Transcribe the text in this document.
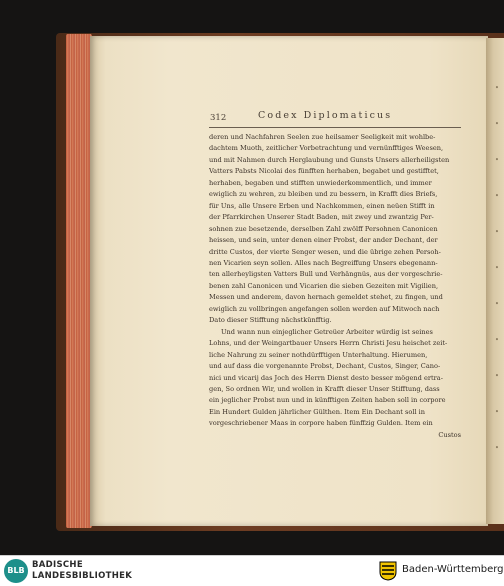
•
•
•
•
•
•
•
•
•
•
•
312	Codex Diplomaticus
deren und Nachfahren Seelen zue heilsamer Seeligkeit mit wohlbe-
dachtem Muoth, zeitlicher Vorbetrachtung und vernünfftiges Weesen,
und mit Nahmen durch Herglaubung und Gunsts Unsers allerheiligsten
Vatters Pabsts Nicolai des fünfften herhaben, begabet und gestifftet,
herhaben, begaben und stifften unwiederkommentlich, und immer
ewiglich zu wehren, zu bleiben und zu bessern, in Krafft dies Briefs,
für Uns, alle Unsere Erben und Nachkommen, einen neüen Stifft in
der Pfarrkirchen Unserer Stadt Baden, mit zwey und zwantzig Per-
sohnen zue besetzende, derselben Zahl zwölff Persohnen Canonicen
heissen, und sein, unter denen einer Probst, der ander Dechant, der
dritte Custos, der vierte Senger wesen, und die übrige zehen Persoh-
nen Vicarien seyn sollen. Alles nach Begreiffung Unsers ebegenann-
ten allerheyligsten Vatters Bull und Verhängnüs, aus der vorgeschrie-
benen zahl Canonicen und Vicarien die sieben Gezeiten mit Vigilien,
Messen und anderem, davon hernach gemeldet stehet, zu fingen, und
ewiglich zu vollbringen angefangen sollen werden auf Mitwoch nach
Dato dieser Stifftung nächstkünfftig.
Und wann nun einjeglicher Getreüer Arbeiter würdig ist seines
Lohns, und der Weingartbauer Unsers Herrn Christi Jesu heischet zeit-
liche Nahrung zu seiner nothdürfftigen Unterhaltung. Hierumen,
und auf dass die vorgenannte Probst, Dechant, Custos, Singer, Cano-
nici und vicarij das Joch des Herrn Dienst desto besser mögend ertra-
gen, So ordnen Wir, und wollen in Krafft dieser Unser Stifftung, dass
ein jeglicher Probst nun und in künfftigen Zeiten haben soll in corpore
Ein Hundert Gulden jährlicher Gülthen. Item Ein Dechant soll in
vorgeschriebener Maas in corpore haben fünffzig Gulden. Item ein
Custos
BLB
BADISCHE
LANDESBIBLIOTHEK
Baden-Württemberg
